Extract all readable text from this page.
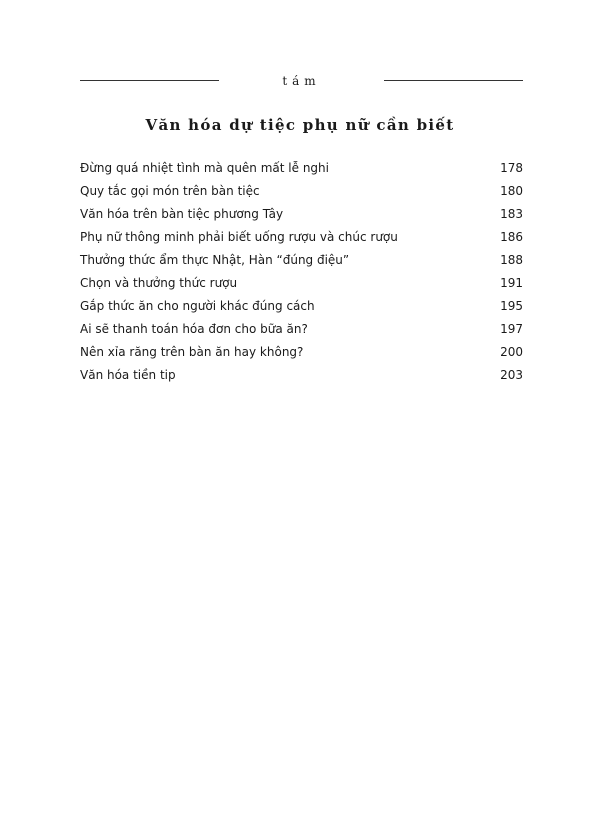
tám
Văn hóa dự tiệc phụ nữ cần biết
Đừng quá nhiệt tình mà quên mất lễ nghi	178
Quy tắc gọi món trên bàn tiệc	180
Văn hóa trên bàn tiệc phương Tây	183
Phụ nữ thông minh phải biết uống rượu và chúc rượu	186
Thưởng thức ẩm thực Nhật, Hàn “đúng điệu”	188
Chọn và thưởng thức rượu	191
Gắp thức ăn cho người khác đúng cách	195
Ai sẽ thanh toán hóa đơn cho bữa ăn?	197
Nên xỉa răng trên bàn ăn hay không?	200
Văn hóa tiền tip	203
